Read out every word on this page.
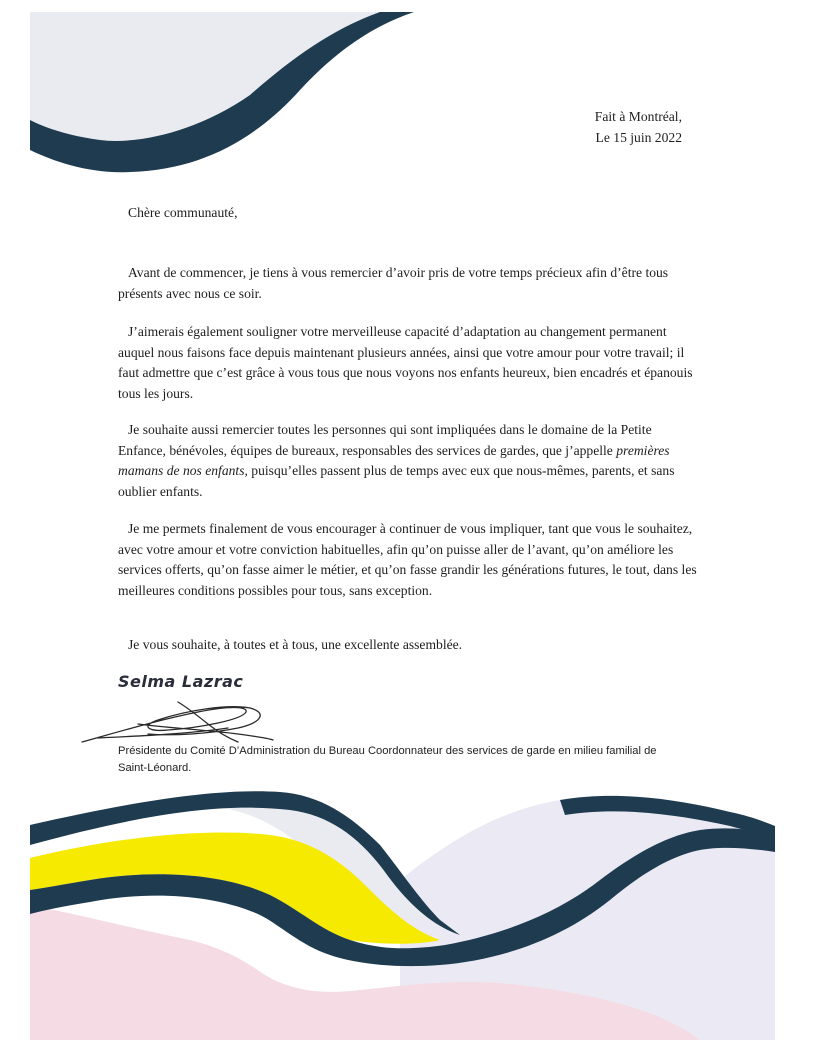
Fait à Montréal,
Le 15 juin 2022
Chère communauté,

Avant de commencer, je tiens à vous remercier d’avoir pris de votre temps précieux afin d’être tous présents avec nous ce soir.

J’aimerais également souligner votre merveilleuse capacité d’adaptation au changement permanent auquel nous faisons face depuis maintenant plusieurs années, ainsi que votre amour pour votre travail; il faut admettre que c’est grâce à vous tous que nous voyons nos enfants heureux, bien encadrés et épanouis tous les jours.

Je souhaite aussi remercier toutes les personnes qui sont impliquées dans le domaine de la Petite Enfance, bénévoles, équipes de bureaux, responsables des services de gardes, que j’appelle premières mamans de nos enfants, puisqu’elles passent plus de temps avec eux que nous-mêmes, parents, et sans oublier enfants.

Je me permets finalement de vous encourager à continuer de vous impliquer, tant que vous le souhaitez, avec votre amour et votre conviction habituelles, afin qu’on puisse aller de l’avant, qu’on améliore les services offerts, qu’on fasse aimer le métier, et qu’on fasse grandir les générations futures, le tout, dans les meilleures conditions possibles pour tous, sans exception.

Je vous souhaite, à toutes et à tous, une excellente assemblée.

Selma Lazrac
Présidente du Comité D’Administration du Bureau Coordonnateur des services de garde en milieu familial de
Saint-Léonard.
